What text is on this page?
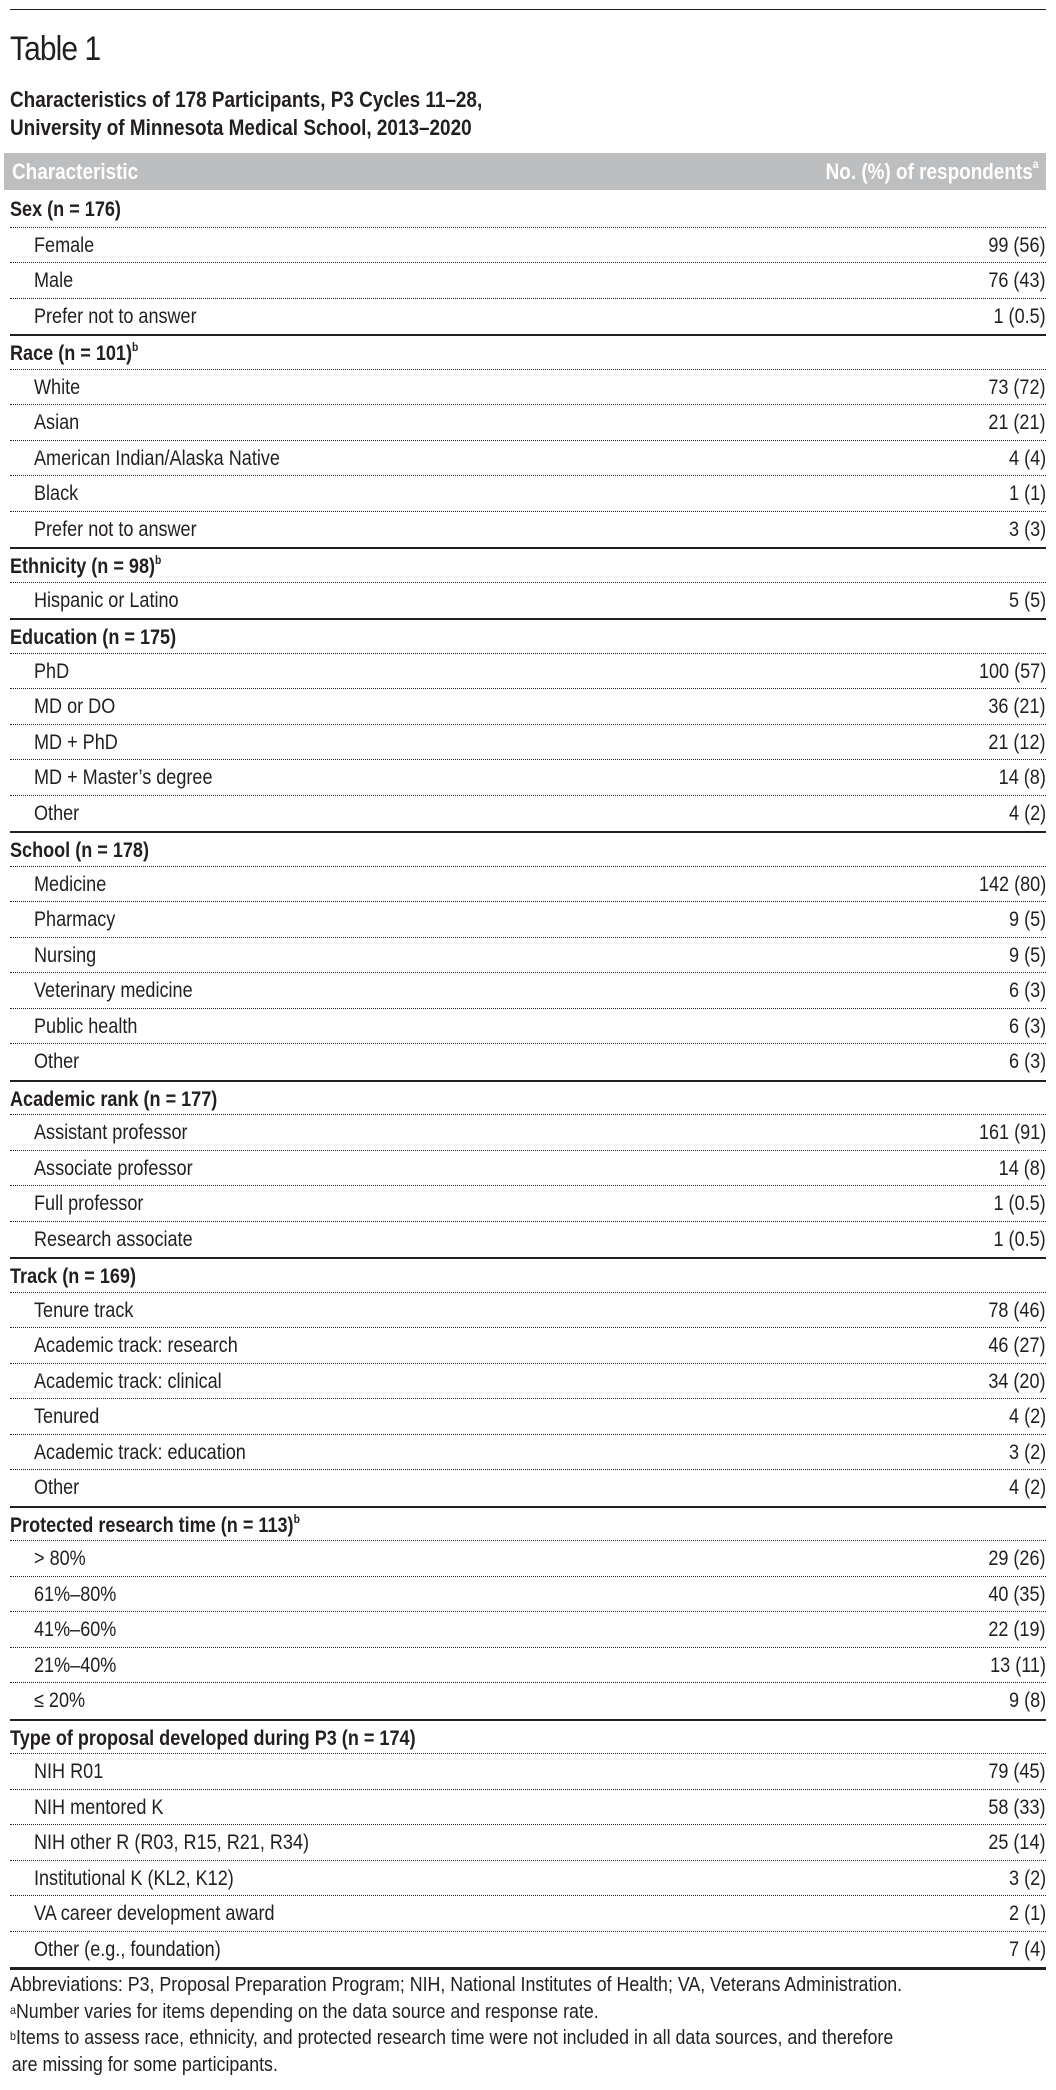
Table 1
Characteristics of 178 Participants, P3 Cycles 11–28,
University of Minnesota Medical School, 2013–2020
Characteristic	No. (%) of respondents$^a$
Sex (n = 176)
Female	99 (56)
Male	76 (43)
Prefer not to answer	1 (0.5)
Race (n = 101)$^b$
White	73 (72)
Asian	21 (21)
American Indian/Alaska Native	4 (4)
Black	1 (1)
Prefer not to answer	3 (3)
Ethnicity (n = 98)$^b$
Hispanic or Latino	5 (5)
Education (n = 175)
PhD	100 (57)
MD or DO	36 (21)
MD + PhD	21 (12)
MD + Master’s degree	14 (8)
Other	4 (2)
School (n = 178)
Medicine	142 (80)
Pharmacy	9 (5)
Nursing	9 (5)
Veterinary medicine	6 (3)
Public health	6 (3)
Other	6 (3)
Academic rank (n = 177)
Assistant professor	161 (91)
Associate professor	14 (8)
Full professor	1 (0.5)
Research associate	1 (0.5)
Track (n = 169)
Tenure track	78 (46)
Academic track: research	46 (27)
Academic track: clinical	34 (20)
Tenured	4 (2)
Academic track: education	3 (2)
Other	4 (2)
Protected research time (n = 113)$^b$
> 80%	29 (26)
61%–80%	40 (35)
41%–60%	22 (19)
21%–40%	13 (11)
≤ 20%	9 (8)
Type of proposal developed during P3 (n = 174)
NIH R01	79 (45)
NIH mentored K	58 (33)
NIH other R (R03, R15, R21, R34)	25 (14)
Institutional K (KL2, K12)	3 (2)
VA career development award	2 (1)
Other (e.g., foundation)	7 (4)
Abbreviations: P3, Proposal Preparation Program; NIH, National Institutes of Health; VA, Veterans Administration.
$^a$Number varies for items depending on the data source and response rate.
$^b$Items to assess race, ethnicity, and protected research time were not included in all data sources, and therefore
are missing for some participants.
